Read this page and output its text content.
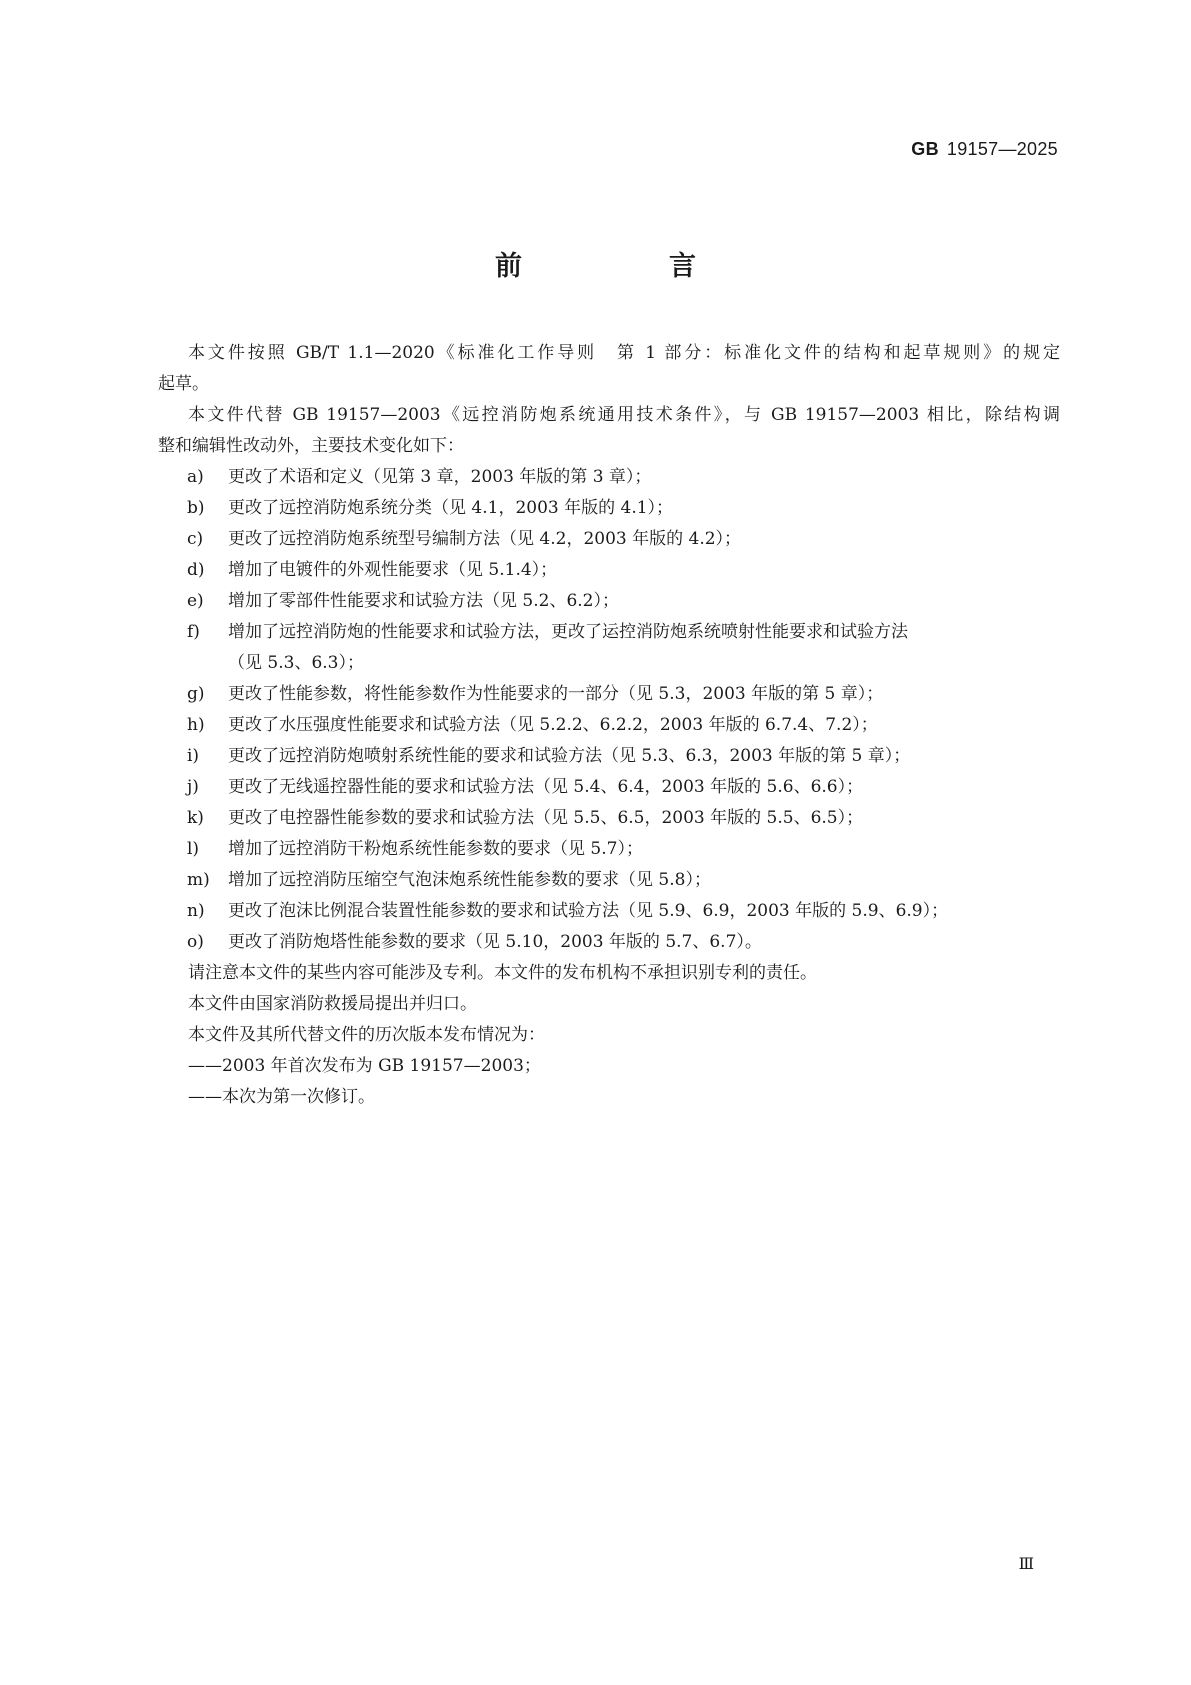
GB 19157—2025
前　言
本文件按照 GB/T 1.1—2020《标准化工作导则　第 1 部分：标准化文件的结构和起草规则》的规定
起草。
本文件代替 GB 19157—2003《远控消防炮系统通用技术条件》，与 GB 19157—2003 相比，除结构调
整和编辑性改动外，主要技术变化如下：
a) 更改了术语和定义（见第 3 章，2003 年版的第 3 章）；
b) 更改了远控消防炮系统分类（见 4.1，2003 年版的 4.1）；
c) 更改了远控消防炮系统型号编制方法（见 4.2，2003 年版的 4.2）；
d) 增加了电镀件的外观性能要求（见 5.1.4）；
e) 增加了零部件性能要求和试验方法（见 5.2、6.2）；
f) 增加了远控消防炮的性能要求和试验方法，更改了运控消防炮系统喷射性能要求和试验方法
（见 5.3、6.3）；
g) 更改了性能参数，将性能参数作为性能要求的一部分（见 5.3，2003 年版的第 5 章）；
h) 更改了水压强度性能要求和试验方法（见 5.2.2、6.2.2，2003 年版的 6.7.4、7.2）；
i) 更改了远控消防炮喷射系统性能的要求和试验方法（见 5.3、6.3，2003 年版的第 5 章）；
j) 更改了无线遥控器性能的要求和试验方法（见 5.4、6.4，2003 年版的 5.6、6.6）；
k) 更改了电控器性能参数的要求和试验方法（见 5.5、6.5，2003 年版的 5.5、6.5）；
l) 增加了远控消防干粉炮系统性能参数的要求（见 5.7）；
m) 增加了远控消防压缩空气泡沫炮系统性能参数的要求（见 5.8）；
n) 更改了泡沫比例混合装置性能参数的要求和试验方法（见 5.9、6.9，2003 年版的 5.9、6.9）；
o) 更改了消防炮塔性能参数的要求（见 5.10，2003 年版的 5.7、6.7）。
请注意本文件的某些内容可能涉及专利。本文件的发布机构不承担识别专利的责任。
本文件由国家消防救援局提出并归口。
本文件及其所代替文件的历次版本发布情况为：
——2003 年首次发布为 GB 19157—2003；
——本次为第一次修订。
Ⅲ
